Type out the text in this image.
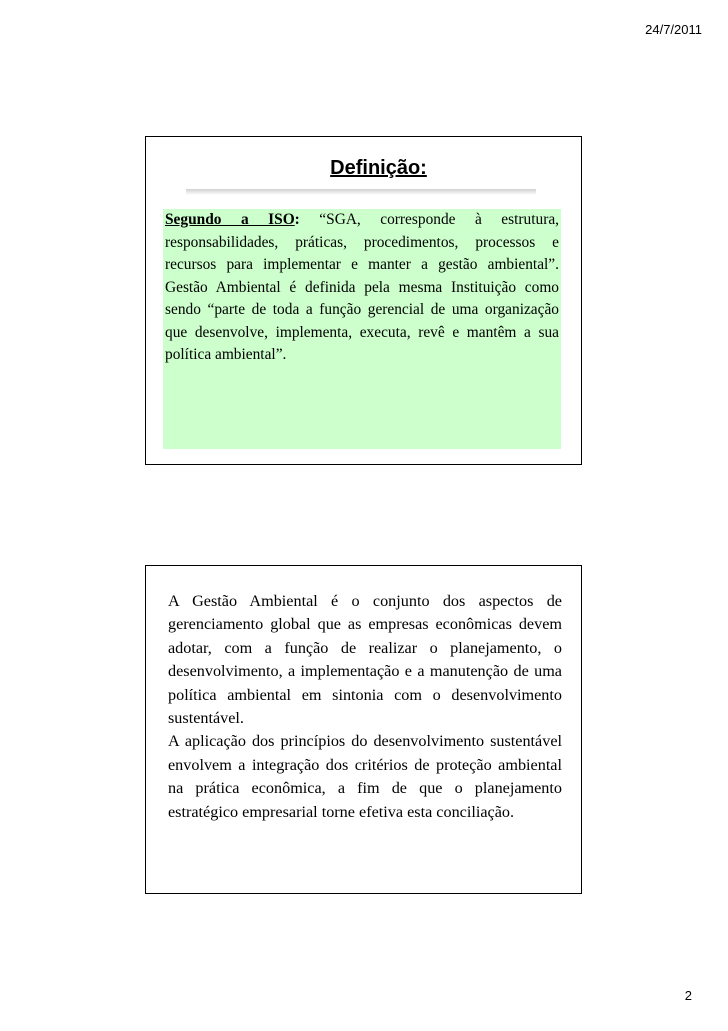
24/7/2011
Definição:

Segundo a ISO: “SGA, corresponde à estrutura, responsabilidades, práticas, procedimentos, processos e recursos para implementar e manter a gestão ambiental”. Gestão Ambiental é definida pela mesma Instituição como sendo “parte de toda a função gerencial de uma organização que desenvolve, implementa, executa, revê e mantêm a sua política ambiental”.

A Gestão Ambiental é o conjunto dos aspectos de gerenciamento global que as empresas econômicas devem adotar, com a função de realizar o planejamento, o desenvolvimento, a implementação e a manutenção de uma política ambiental em sintonia com o desenvolvimento sustentável.

A aplicação dos princípios do desenvolvimento sustentável envolvem a integração dos critérios de proteção ambiental na prática econômica, a fim de que o planejamento estratégico empresarial torne efetiva esta conciliação.

2
